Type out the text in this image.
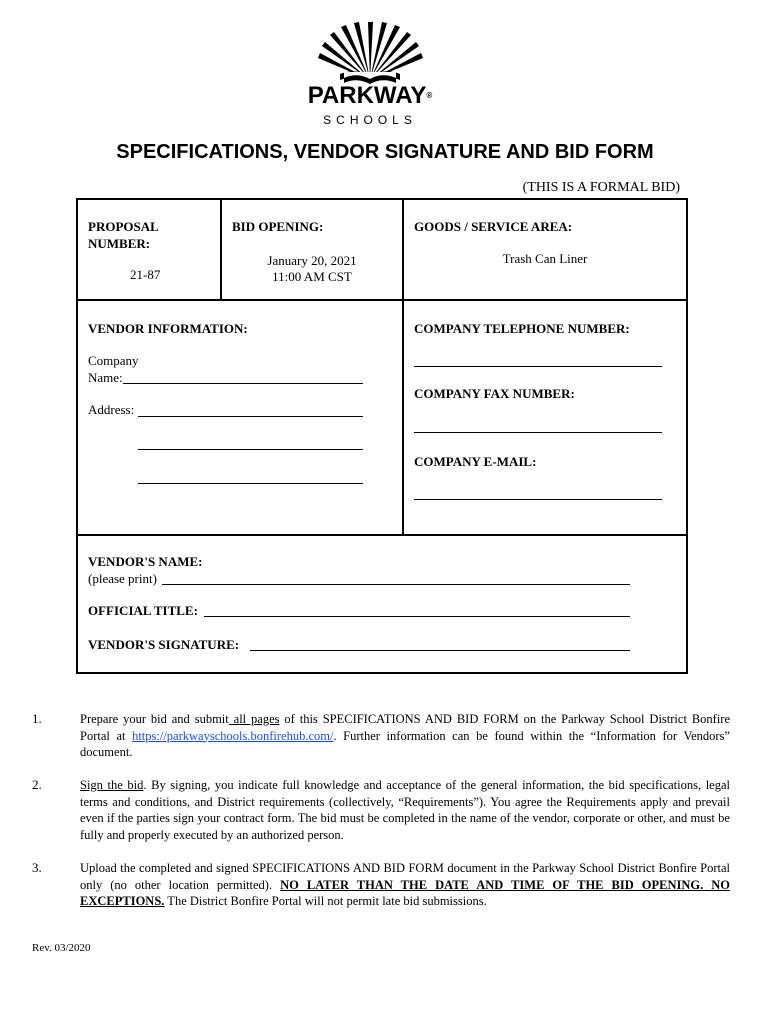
PARKWAY®
SCHOOLS
SPECIFICATIONS, VENDOR SIGNATURE AND BID FORM
(THIS IS A FORMAL BID)
PROPOSAL
NUMBER:
21-87
BID OPENING:
January 20, 2021
11:00 AM CST
GOODS / SERVICE AREA:
Trash Can Liner
VENDOR INFORMATION:
Company
Name:
Address:
COMPANY TELEPHONE NUMBER:
COMPANY FAX NUMBER:
COMPANY E-MAIL:
VENDOR'S NAME:
(please print)
OFFICIAL TITLE:
VENDOR'S SIGNATURE:
1.	Prepare your bid and submit all pages of this SPECIFICATIONS AND BID FORM on the Parkway School District Bonfire Portal at https://parkwayschools.bonfirehub.com/. Further information can be found within the “Information for Vendors” document.
2.	Sign the bid. By signing, you indicate full knowledge and acceptance of the general information, the bid specifications, legal terms and conditions, and District requirements (collectively, “Requirements”). You agree the Requirements apply and prevail even if the parties sign your contract form. The bid must be completed in the name of the vendor, corporate or other, and must be fully and properly executed by an authorized person.
3.	Upload the completed and signed SPECIFICATIONS AND BID FORM document in the Parkway School District Bonfire Portal only (no other location permitted). NO LATER THAN THE DATE AND TIME OF THE BID OPENING. NO EXCEPTIONS. The District Bonfire Portal will not permit late bid submissions.
Rev. 03/2020
